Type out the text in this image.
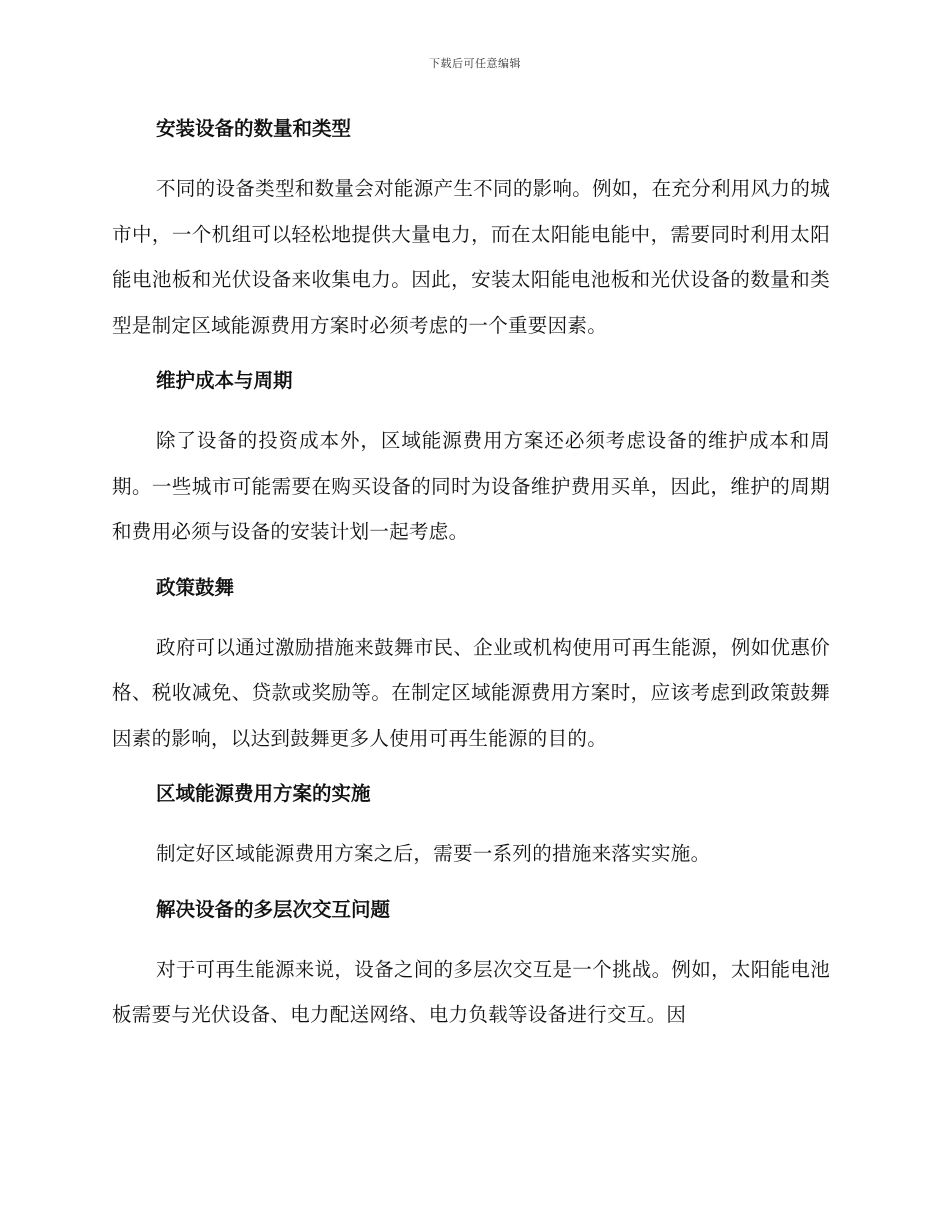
下载后可任意编辑
安装设备的数量和类型

不同的设备类型和数量会对能源产生不同的影响。例如，在充分利用风力的城市中，一个机组可以轻松地提供大量电力，而在太阳能电能中，需要同时利用太阳能电池板和光伏设备来收集电力。因此，安装太阳能电池板和光伏设备的数量和类型是制定区域能源费用方案时必须考虑的一个重要因素。

维护成本与周期

除了设备的投资成本外，区域能源费用方案还必须考虑设备的维护成本和周期。一些城市可能需要在购买设备的同时为设备维护费用买单，因此，维护的周期和费用必须与设备的安装计划一起考虑。

政策鼓舞

政府可以通过激励措施来鼓舞市民、企业或机构使用可再生能源，例如优惠价格、税收减免、贷款或奖励等。在制定区域能源费用方案时，应该考虑到政策鼓舞因素的影响，以达到鼓舞更多人使用可再生能源的目的。

区域能源费用方案的实施

制定好区域能源费用方案之后，需要一系列的措施来落实实施。

解决设备的多层次交互问题

对于可再生能源来说，设备之间的多层次交互是一个挑战。例如，太阳能电池板需要与光伏设备、电力配送网络、电力负载等设备进行交互。因
